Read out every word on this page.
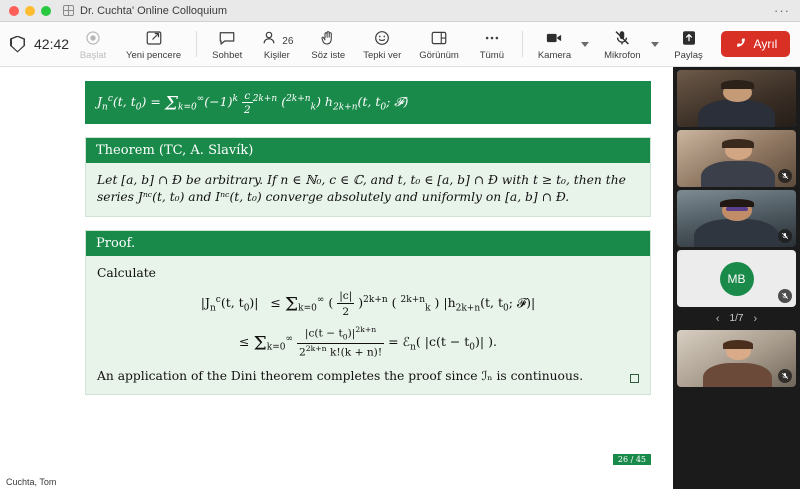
Dr. Cuchta' Online Colloquium	···
42:42
Başlat Yeni pencere	Sohbet
26
Kişiler Söz iste Tepki ver Görünüm Tümü	Kamera	Mikrofon	Paylaş
Ayrıl
$J_n^c(t$, $t_0) = \Sigma_{k=0}^\infty(-1)^k \frac{c}{2} ^{2k+n}$ ($^{2k+n}_k$) $h_{2k+n}(t$, $t_0$; 𝓕)
Theorem (TC, A. Slavík)
Let [a, b] ∩ Ð be arbitrary. If n ∈ ℕ₀, c ∈ ℂ, and t, t₀ ∈ [a, b] ∩ Ð with t ≥ t₀, then the series Jⁿᶜ(t, t₀) and Iⁿᶜ(t, t₀) converge absolutely and uniformly on [a, b] ∩ Ð.
Proof.
Calculate
$|J_n^c(t$, $t_0)| \le \Sigma_{k=0}^\infty$ ( $\frac{|c|}{2} )^{2k+n}$ ( $^{2k+n}_k$ ) $|h_{2k+n}(t$, $t_0$; 𝓕)|
≤ $\Sigma_{k=0}^\infty \frac{|c(t - t_0)|^{2k+n}}{2^{2k+n} k!(k + n)!}$ = ℰ$_n$( $|c(t - t_0)|$ ).
An application of the Dini theorem completes the proof since ℐₙ is continuous.
26 / 45
Cuchta, Tom
MB
‹ 1/7 ›
